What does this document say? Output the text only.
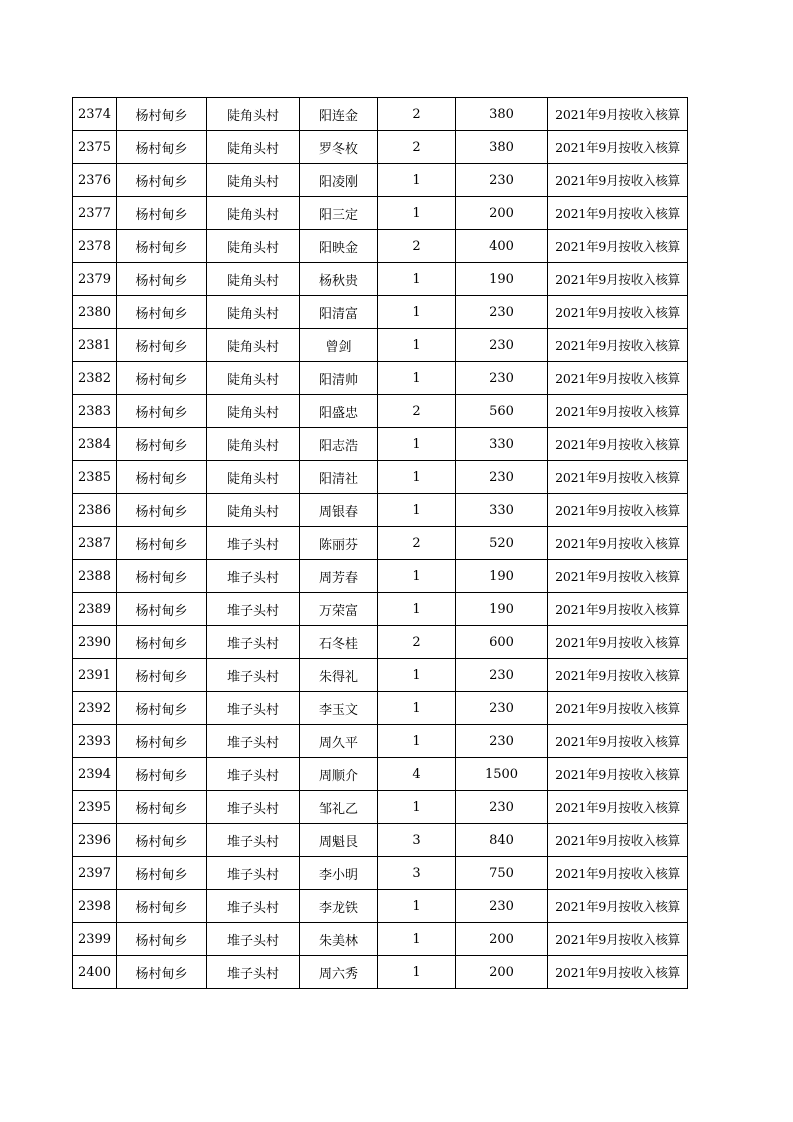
2374	杨村甸乡	陡角头村	阳连金	2	380	2021年9月按收入核算
2375	杨村甸乡	陡角头村	罗冬枚	2	380	2021年9月按收入核算
2376	杨村甸乡	陡角头村	阳凌刚	1	230	2021年9月按收入核算
2377	杨村甸乡	陡角头村	阳三定	1	200	2021年9月按收入核算
2378	杨村甸乡	陡角头村	阳映金	2	400	2021年9月按收入核算
2379	杨村甸乡	陡角头村	杨秋贵	1	190	2021年9月按收入核算
2380	杨村甸乡	陡角头村	阳清富	1	230	2021年9月按收入核算
2381	杨村甸乡	陡角头村	曾剑	1	230	2021年9月按收入核算
2382	杨村甸乡	陡角头村	阳清帅	1	230	2021年9月按收入核算
2383	杨村甸乡	陡角头村	阳盛忠	2	560	2021年9月按收入核算
2384	杨村甸乡	陡角头村	阳志浩	1	330	2021年9月按收入核算
2385	杨村甸乡	陡角头村	阳清社	1	230	2021年9月按收入核算
2386	杨村甸乡	陡角头村	周银春	1	330	2021年9月按收入核算
2387	杨村甸乡	堆子头村	陈丽芬	2	520	2021年9月按收入核算
2388	杨村甸乡	堆子头村	周芳春	1	190	2021年9月按收入核算
2389	杨村甸乡	堆子头村	万荣富	1	190	2021年9月按收入核算
2390	杨村甸乡	堆子头村	石冬桂	2	600	2021年9月按收入核算
2391	杨村甸乡	堆子头村	朱得礼	1	230	2021年9月按收入核算
2392	杨村甸乡	堆子头村	李玉文	1	230	2021年9月按收入核算
2393	杨村甸乡	堆子头村	周久平	1	230	2021年9月按收入核算
2394	杨村甸乡	堆子头村	周顺介	4	1500	2021年9月按收入核算
2395	杨村甸乡	堆子头村	邹礼乙	1	230	2021年9月按收入核算
2396	杨村甸乡	堆子头村	周魁艮	3	840	2021年9月按收入核算
2397	杨村甸乡	堆子头村	李小明	3	750	2021年9月按收入核算
2398	杨村甸乡	堆子头村	李龙铁	1	230	2021年9月按收入核算
2399	杨村甸乡	堆子头村	朱美林	1	200	2021年9月按收入核算
2400	杨村甸乡	堆子头村	周六秀	1	200	2021年9月按收入核算
